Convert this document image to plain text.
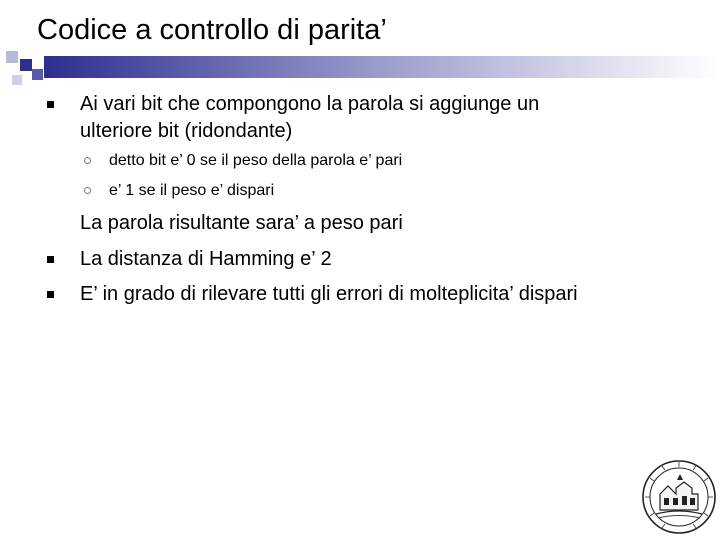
Codice a controllo di parita’
Ai vari bit che compongono la parola si aggiunge un
ulteriore bit (ridondante)
detto bit e’ 0 se il peso della parola e’ pari
e’ 1 se il peso e’ dispari
La parola risultante sara’ a peso pari
La distanza di Hamming e’ 2
E’ in grado di rilevare tutti gli errori di molteplicita’ dispari
